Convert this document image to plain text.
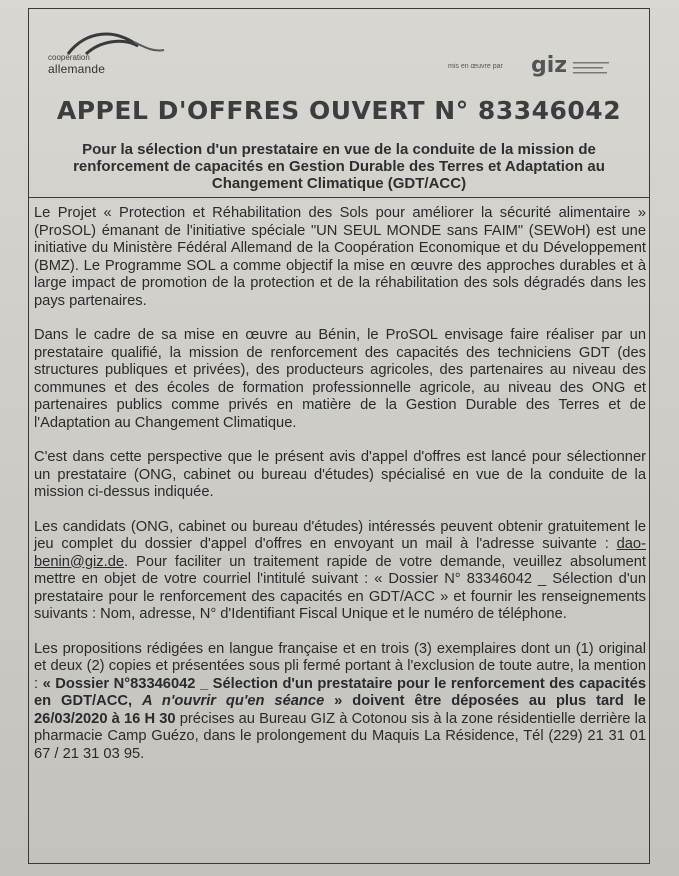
coopération
allemande	mis en œuvre par giz
APPEL D'OFFRES OUVERT N° 83346042
Pour la sélection d'un prestataire en vue de la conduite de la mission de renforcement de capacités en Gestion Durable des Terres et Adaptation au Changement Climatique (GDT/ACC)

Le Projet « Protection et Réhabilitation des Sols pour améliorer la sécurité alimentaire » (ProSOL) émanant de l'initiative spéciale "UN SEUL MONDE sans FAIM" (SEWoH) est une initiative du Ministère Fédéral Allemand de la Coopération Economique et du Développement (BMZ). Le Programme SOL a comme objectif la mise en œuvre des approches durables et à large impact de promotion de la protection et de la réhabilitation des sols dégradés dans les pays partenaires.

Dans le cadre de sa mise en œuvre au Bénin, le ProSOL envisage faire réaliser par un prestataire qualifié, la mission de renforcement des capacités des techniciens GDT (des structures publiques et privées), des producteurs agricoles, des partenaires au niveau des communes et des écoles de formation professionnelle agricole, au niveau des ONG et partenaires publics comme privés en matière de la Gestion Durable des Terres et de l'Adaptation au Changement Climatique.

C'est dans cette perspective que le présent avis d'appel d'offres est lancé pour sélectionner un prestataire (ONG, cabinet ou bureau d'études) spécialisé en vue de la conduite de la mission ci-dessus indiquée.

Les candidats (ONG, cabinet ou bureau d'études) intéressés peuvent obtenir gratuitement le jeu complet du dossier d'appel d'offres en envoyant un mail à l'adresse suivante : dao-benin@giz.de. Pour faciliter un traitement rapide de votre demande, veuillez absolument mettre en objet de votre courriel l'intitulé suivant : « Dossier N° 83346042 _ Sélection d'un prestataire pour le renforcement des capacités en GDT/ACC » et fournir les renseignements suivants : Nom, adresse, N° d'Identifiant Fiscal Unique et le numéro de téléphone.

Les propositions rédigées en langue française et en trois (3) exemplaires dont un (1) original et deux (2) copies et présentées sous pli fermé portant à l'exclusion de toute autre, la mention : « Dossier N°83346042 _ Sélection d'un prestataire pour le renforcement des capacités en GDT/ACC, A n'ouvrir qu'en séance » doivent être déposées au plus tard le 26/03/2020 à 16 H 30 précises au Bureau GIZ à Cotonou sis à la zone résidentielle derrière la pharmacie Camp Guézo, dans le prolongement du Maquis La Résidence, Tél (229) 21 31 01 67 / 21 31 03 95.
